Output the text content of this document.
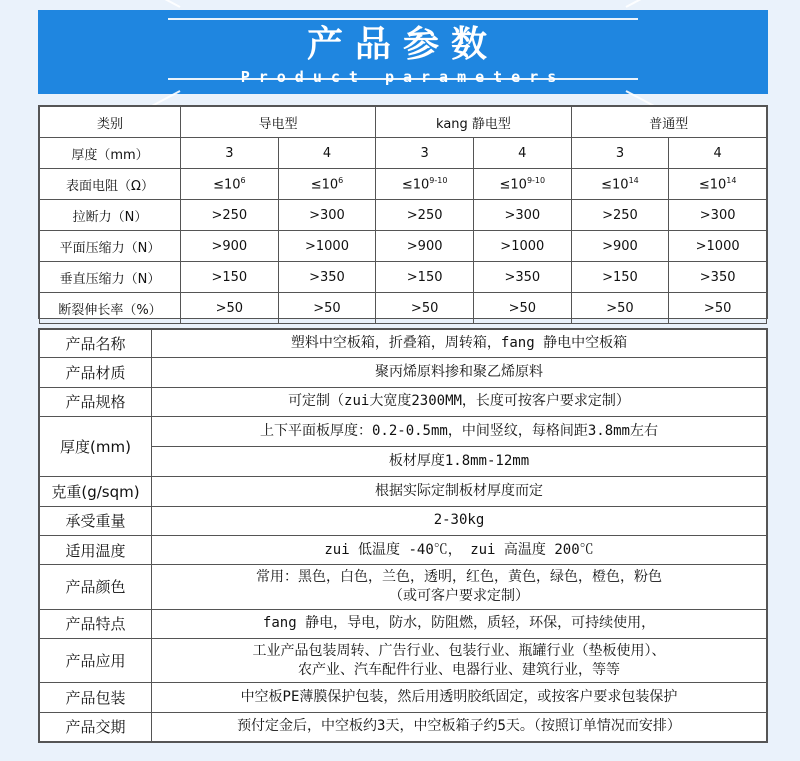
产品参数
Product parameters
类别	导电型		kang 静电型		普通型	
厚度（mm）	3	4	3	4	3	4
表面电阻（Ω）	$\le 10^6$	$\le 10^6$	$\le 10^{9-10}$	$\le 10^{9-10}$	$\le 10^{14}$	$\le 10^{14}$
拉断力（N）	>250	>300	>250	>300	>250	>300
平面压缩力（N）	>900	>1000	>900	>1000	>900	>1000
垂直压缩力（N）	>150	>350	>150	>350	>150	>350
断裂伸长率（%）	>50	>50	>50	>50	>50	>50
产品名称	塑料中空板箱，折叠箱，周转箱，fang 静电中空板箱
产品材质	聚丙烯原料掺和聚乙烯原料
产品规格	可定制（zui大宽度2300MM，长度可按客户要求定制）
厚度(mm)	上下平面板厚度：0.2-0.5mm，中间竖纹，每格间距3.8mm左右
	板材厚度1.8mm-12mm
克重(g/sqm)	根据实际定制板材厚度而定
承受重量	2-30kg
适用温度	zui 低温度 -40℃， zui 高温度 200℃
产品颜色	常用：黑色，白色，兰色，透明，红色，黄色，绿色，橙色，粉色
（或可客户要求定制）

产品特点	fang 静电，导电，防水，防阻燃，质轻，环保，可持续使用，
产品应用	工业产品包装周转、广告行业、包装行业、瓶罐行业（垫板使用）、
农产业、汽车配件行业、电器行业、建筑行业，等等

产品包装	中空板PE薄膜保护包装，然后用透明胶纸固定，或按客户要求包装保护
产品交期	预付定金后，中空板约3天，中空板箱子约5天。（按照订单情况而安排）
